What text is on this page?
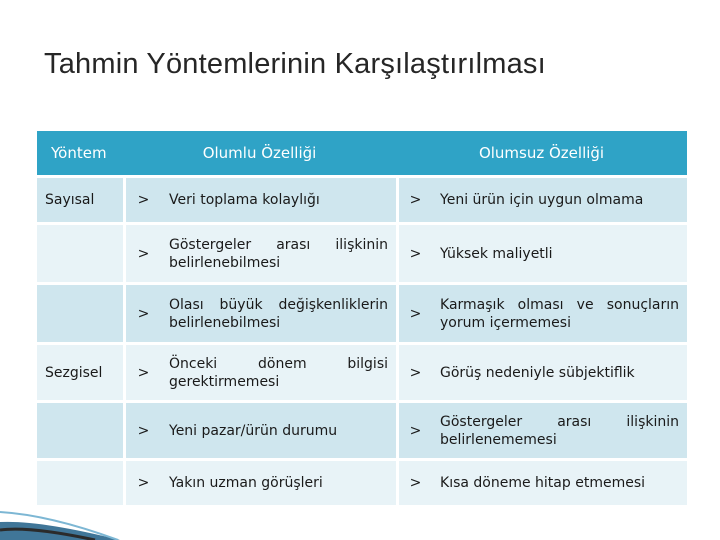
Tahmin Yöntemlerinin Karşılaştırılması
Yöntem	Olumlu Özelliği		Olumsuz Özelliği	
Sayısal	>	Veri toplama kolaylığı	>	Yeni ürün için uygun olmama
	>	Göstergeler arası ilişkinin belirlenebilmesi	>	Yüksek maliyetli
	>	Olası büyük değişkenliklerin belirlenebilmesi	>	Karmaşık olması ve sonuçların yorum içermemesi
Sezgisel	>	Önceki dönem bilgisi gerektirmemesi	>	Görüş nedeniyle sübjektiflik
	>	Yeni pazar/ürün durumu	>	Göstergeler arası ilişkinin belirlenememesi
	>	Yakın uzman görüşleri	>	Kısa döneme hitap etmemesi
